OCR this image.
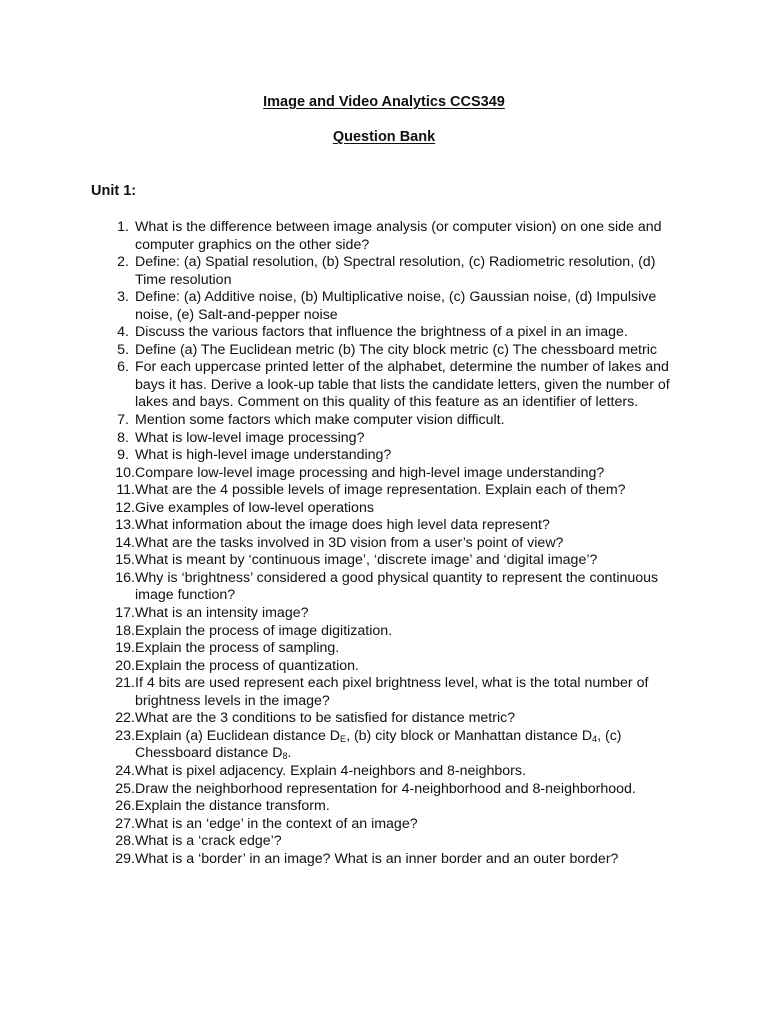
Image and Video Analytics CCS349
Question Bank
Unit 1:
1. What is the difference between image analysis (or computer vision) on one side and computer graphics on the other side?
2. Define: (a) Spatial resolution, (b) Spectral resolution, (c) Radiometric resolution, (d) Time resolution
3. Define: (a) Additive noise, (b) Multiplicative noise, (c) Gaussian noise, (d) Impulsive noise, (e) Salt-and-pepper noise
4. Discuss the various factors that influence the brightness of a pixel in an image.
5. Define (a) The Euclidean metric (b) The city block metric (c) The chessboard metric
6. For each uppercase printed letter of the alphabet, determine the number of lakes and bays it has. Derive a look-up table that lists the candidate letters, given the number of lakes and bays. Comment on this quality of this feature as an identifier of letters.
7. Mention some factors which make computer vision difficult.
8. What is low-level image processing?
9. What is high-level image understanding?
10. Compare low-level image processing and high-level image understanding?
11. What are the 4 possible levels of image representation. Explain each of them?
12. Give examples of low-level operations
13. What information about the image does high level data represent?
14. What are the tasks involved in 3D vision from a user’s point of view?
15. What is meant by ‘continuous image’, ‘discrete image’ and ‘digital image’?
16. Why is ‘brightness’ considered a good physical quantity to represent the continuous image function?
17. What is an intensity image?
18. Explain the process of image digitization.
19. Explain the process of sampling.
20. Explain the process of quantization.
21. If 4 bits are used represent each pixel brightness level, what is the total number of brightness levels in the image?
22. What are the 3 conditions to be satisfied for distance metric?
23. Explain (a) Euclidean distance $D_E$, (b) city block or Manhattan distance $D_4$, (c) Chessboard distance $D_8$.
24. What is pixel adjacency. Explain 4-neighbors and 8-neighbors.
25. Draw the neighborhood representation for 4-neighborhood and 8-neighborhood.
26. Explain the distance transform.
27. What is an ‘edge’ in the context of an image?
28. What is a ‘crack edge’?
29. What is a ‘border’ in an image? What is an inner border and an outer border?
